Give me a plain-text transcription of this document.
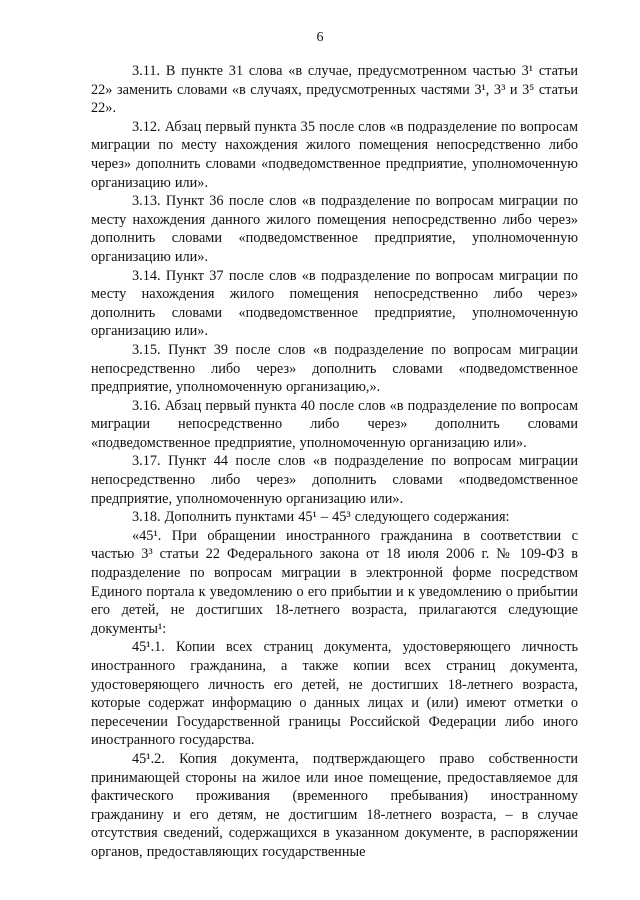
6

3.11. В пункте 31 слова «в случае, предусмотренном частью 3¹ статьи 22» заменить словами «в случаях, предусмотренных частями 3¹, 3³ и 3⁵ статьи 22».

3.12. Абзац первый пункта 35 после слов «в подразделение по вопросам миграции по месту нахождения жилого помещения непосредственно либо через» дополнить словами «подведомственное предприятие, уполномоченную организацию или».

3.13. Пункт 36 после слов «в подразделение по вопросам миграции по месту нахождения данного жилого помещения непосредственно либо через» дополнить словами «подведомственное предприятие, уполномоченную организацию или».

3.14. Пункт 37 после слов «в подразделение по вопросам миграции по месту нахождения жилого помещения непосредственно либо через» дополнить словами «подведомственное предприятие, уполномоченную организацию или».

3.15. Пункт 39 после слов «в подразделение по вопросам миграции непосредственно либо через» дополнить словами «подведомственное предприятие, уполномоченную организацию,».

3.16. Абзац первый пункта 40 после слов «в подразделение по вопросам миграции непосредственно либо через» дополнить словами «подведомственное предприятие, уполномоченную организацию или».

3.17. Пункт 44 после слов «в подразделение по вопросам миграции непосредственно либо через» дополнить словами «подведомственное предприятие, уполномоченную организацию или».

3.18. Дополнить пунктами 45¹ – 45³ следующего содержания:

«45¹. При обращении иностранного гражданина в соответствии с частью 3³ статьи 22 Федерального закона от 18 июля 2006 г. № 109-ФЗ в подразделение по вопросам миграции в электронной форме посредством Единого портала к уведомлению о его прибытии и к уведомлению о прибытии его детей, не достигших 18-летнего возраста, прилагаются следующие документы¹:

45¹.1. Копии всех страниц документа, удостоверяющего личность иностранного гражданина, а также копии всех страниц документа, удостоверяющего личность его детей, не достигших 18-летнего возраста, которые содержат информацию о данных лицах и (или) имеют отметки о пересечении Государственной границы Российской Федерации либо иного иностранного государства.

45¹.2. Копия документа, подтверждающего право собственности принимающей стороны на жилое или иное помещение, предоставляемое для фактического проживания (временного пребывания) иностранному гражданину и его детям, не достигшим 18-летнего возраста, – в случае отсутствия сведений, содержащихся в указанном документе, в распоряжении органов, предоставляющих государственные
